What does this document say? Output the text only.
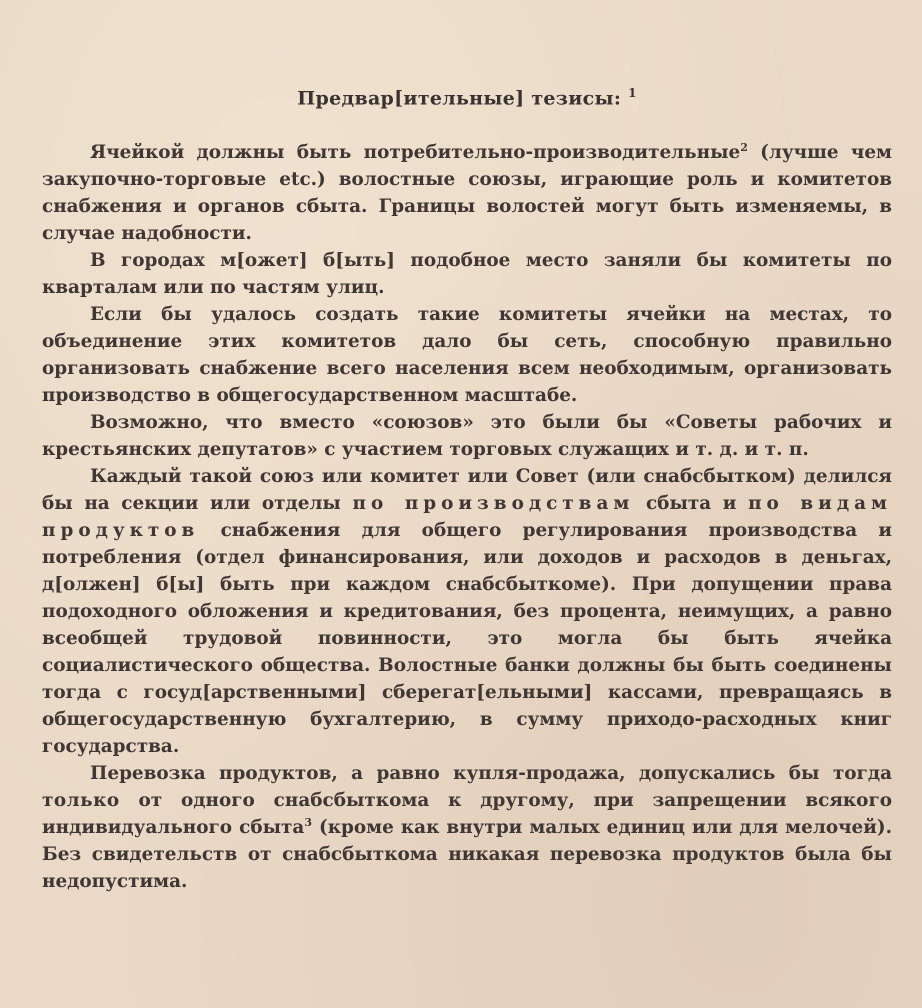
Предвар[ительные] тезисы: $^1$

Ячейкой должны быть потребительно-производительные$^2$ (лучше чем закупочно-торговые etc.) волостные союзы, играющие роль и комитетов снабжения и органов сбыта. Границы волостей могут быть изменяемы, в случае надобности.

В городах м[ожет] б[ыть] подобное место заняли бы комитеты по кварталам или по частям улиц.

Если бы удалось создать такие комитеты ячейки на местах, то объединение этих комитетов дало бы сеть, способную правильно организовать снабжение всего населения всем необходимым, организовать производство в общегосударственном масштабе.

Возможно, что вместо «союзов» это были бы «Советы рабочих и крестьянских депутатов» с участием торговых служащих и т. д. и т. п.

Каждый такой союз или комитет или Совет (или снабсбытком) делился бы на секции или отделы по производствам сбыта и по видам продуктов снабжения для общего регулирования производства и потребления (отдел финансирования, или доходов и расходов в деньгах, д[олжен] б[ы] быть при каждом снабсбыткоме). При допущении права подоходного обложения и кредитования, без процента, неимущих, а равно всеобщей трудовой повинности, это могла бы быть ячейка социалистического общества. Волостные банки должны бы быть соединены тогда с госуд[арственными] сберегат[ельными] кассами, превращаясь в общегосударственную бухгалтерию, в сумму приходо-расходных книг государства.

Перевозка продуктов, а равно купля-продажа, допускались бы тогда только от одного снабсбыткома к другому, при запрещении всякого индивидуального сбыта$^3$ (кроме как внутри малых единиц или для мелочей). Без свидетельств от снабсбыткома никакая перевозка продуктов была бы недопустима.
